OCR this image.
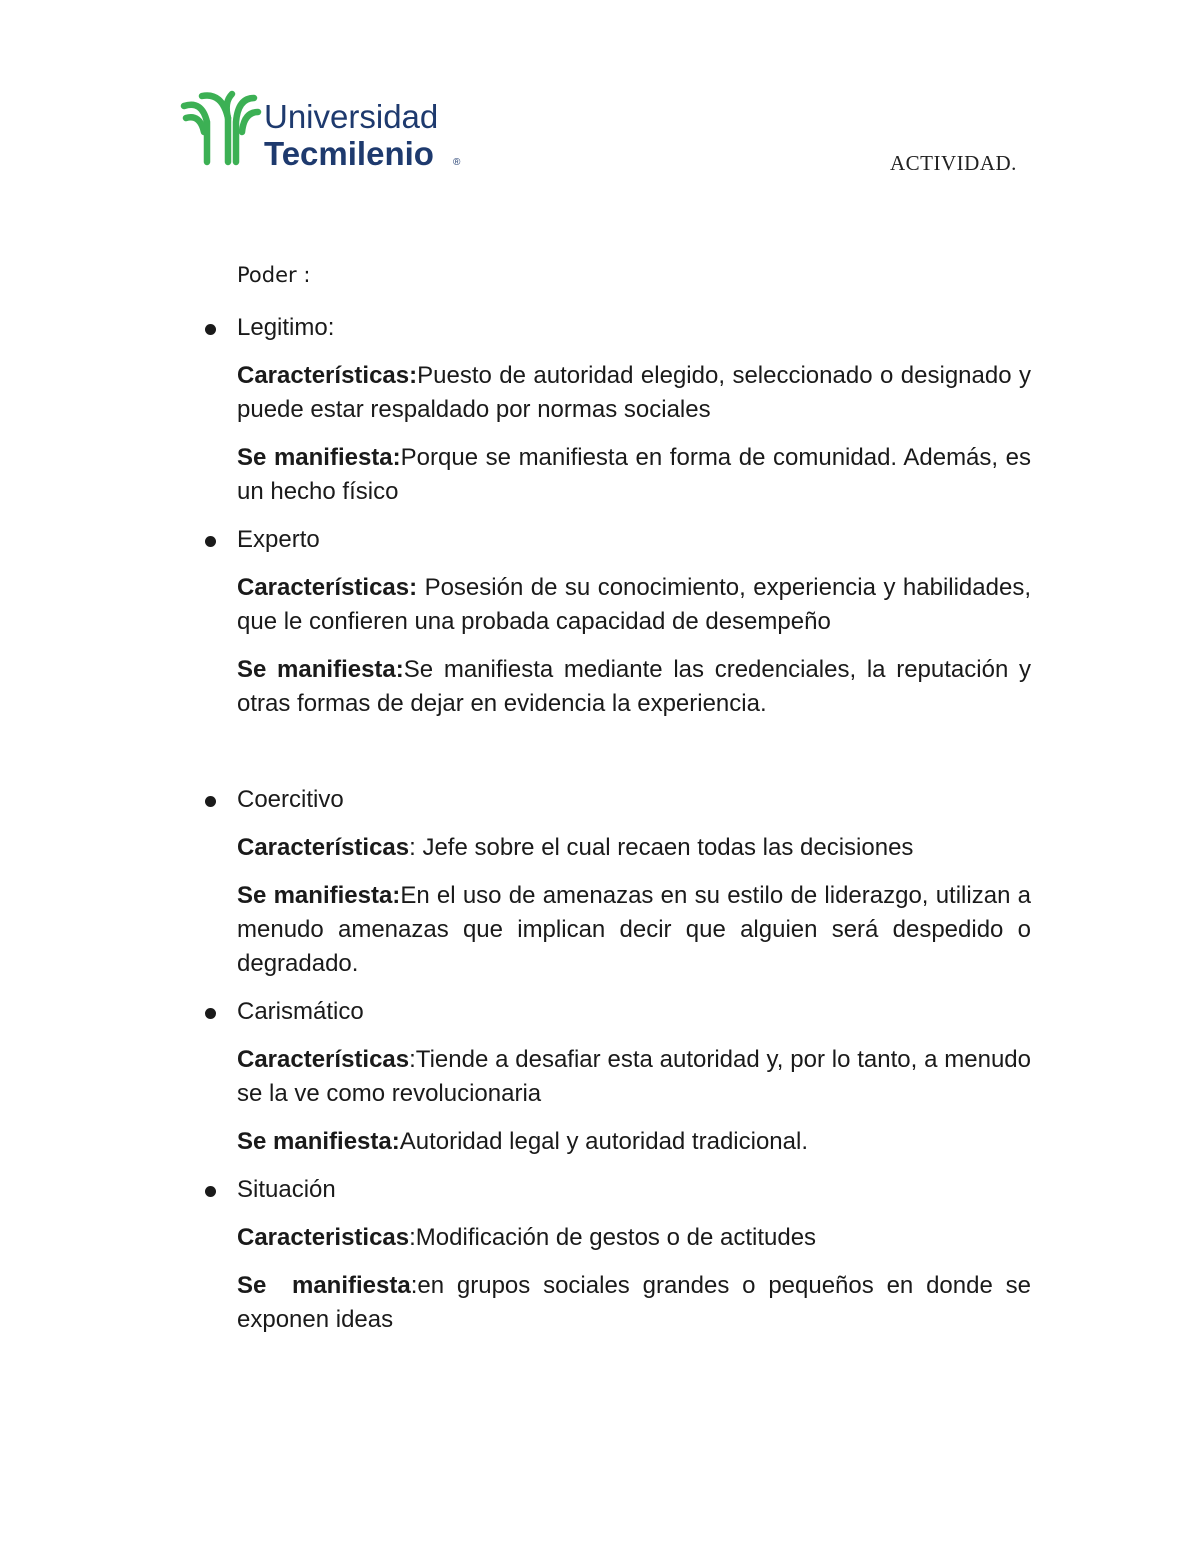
Universidad
Tecmilenio ®	ACTIVIDAD.
Poder :
Legitimo:

Características:Puesto de autoridad elegido, seleccionado o designado y puede estar respaldado por normas sociales

Se manifiesta:Porque se manifiesta en forma de comunidad. Además, es un hecho físico

Experto

Características: Posesión de su conocimiento, experiencia y habilidades, que le confieren una probada capacidad de desempeño

Se manifiesta:Se manifiesta mediante las credenciales, la reputación y otras formas de dejar en evidencia la experiencia.

Coercitivo

Características: Jefe sobre el cual recaen todas las decisiones

Se manifiesta:En el uso de amenazas en su estilo de liderazgo, utilizan a menudo amenazas que implican decir que alguien será despedido o degradado.

Carismático

Características:Tiende a desafiar esta autoridad y, por lo tanto, a menudo se la ve como revolucionaria

Se manifiesta:Autoridad legal y autoridad tradicional.

Situación

Caracteristicas:Modificación de gestos o de actitudes

Se  manifiesta:en grupos sociales grandes o pequeños en donde se exponen ideas
